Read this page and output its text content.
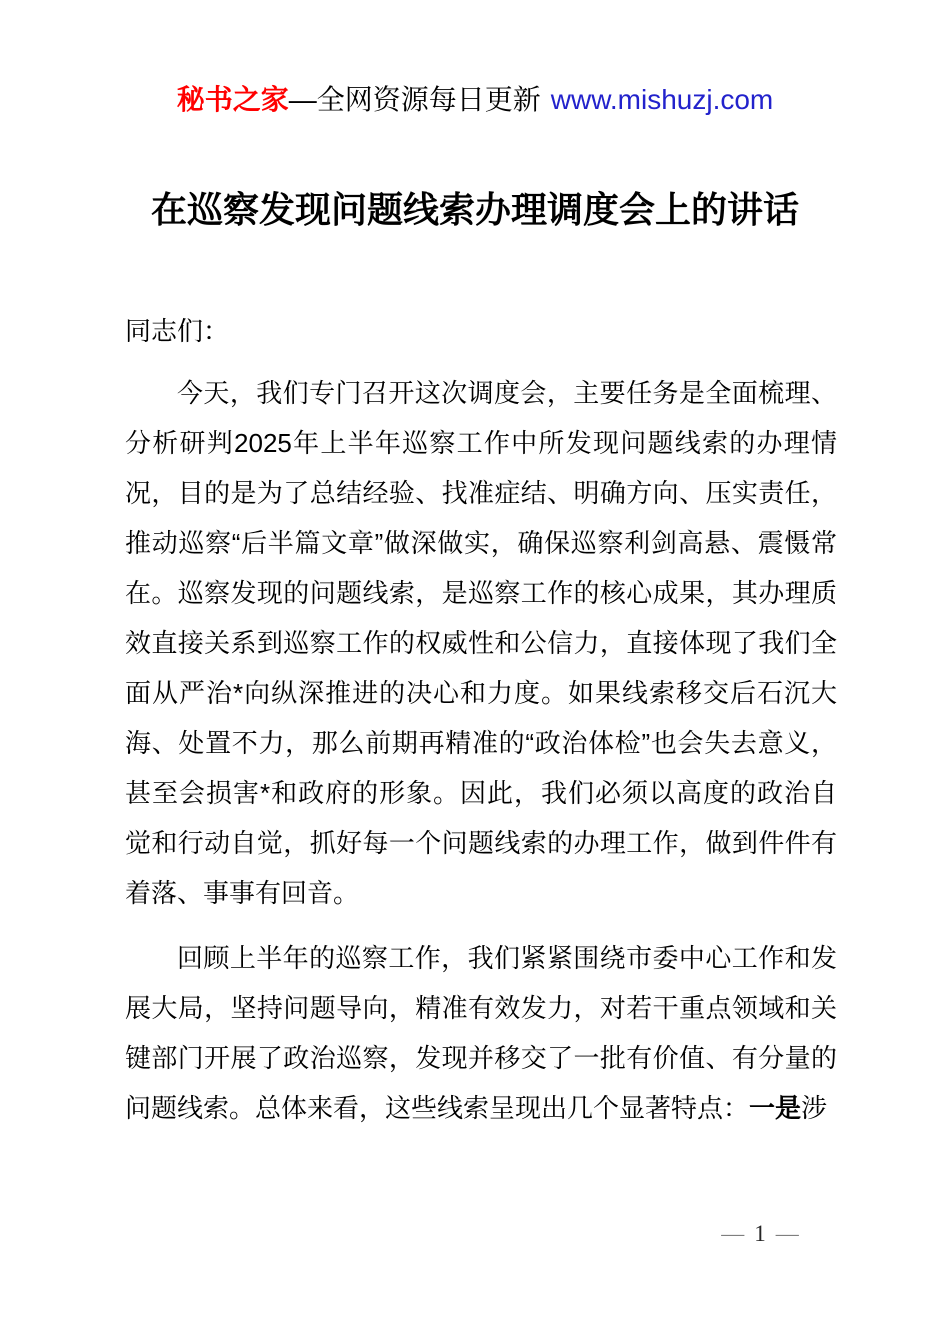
秘书之家—全网资源每日更新 www.mishuzj.com
在巡察发现问题线索办理调度会上的讲话

同志们：

今天，我们专门召开这次调度会，主要任务是全面梳理、分析研判2025年上半年巡察工作中所发现问题线索的办理情况，目的是为了总结经验、找准症结、明确方向、压实责任，推动巡察“后半篇文章”做深做实，确保巡察利剑高悬、震慑常在。巡察发现的问题线索，是巡察工作的核心成果，其办理质效直接关系到巡察工作的权威性和公信力，直接体现了我们全面从严治*向纵深推进的决心和力度。如果线索移交后石沉大海、处置不力，那么前期再精准的“政治体检”也会失去意义，甚至会损害*和政府的形象。因此，我们必须以高度的政治自觉和行动自觉，抓好每一个问题线索的办理工作，做到件件有着落、事事有回音。

回顾上半年的巡察工作，我们紧紧围绕市委中心工作和发展大局，坚持问题导向，精准有效发力，对若干重点领域和关键部门开展了政治巡察，发现并移交了一批有价值、有分量的问题线索。总体来看，这些线索呈现出几个显著特点：一是涉

— 1 —
